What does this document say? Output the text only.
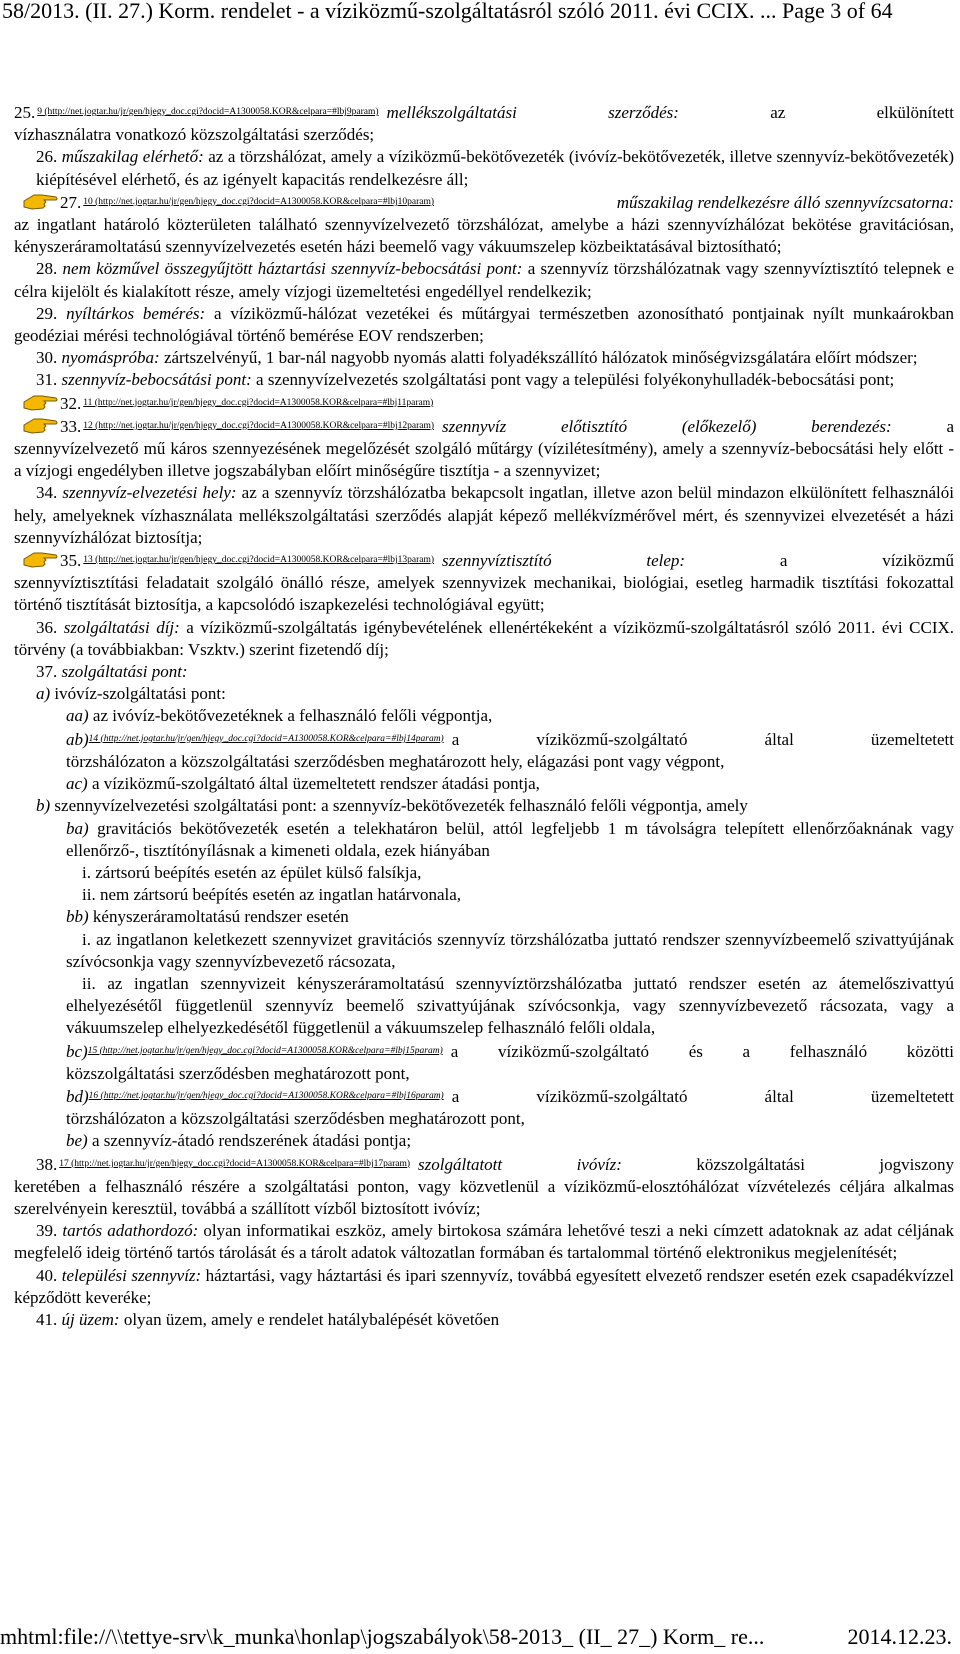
58/2013. (II. 27.) Korm. rendelet - a víziközmű-szolgáltatásról szóló 2011. évi CCIX. ... Page 3 of 64
25. $^{9 (http://net.jogtar.hu/jr/gen/hjegy\_doc.cgi?docid=A1300058.KOR\&celpara=\#lbj9param)}$ mellékszolgáltatási szerződés: az elkülönített

vízhasználatra vonatkozó közszolgáltatási szerződés;

26. műszakilag elérhető: az a törzshálózat, amely a víziközmű-bekötővezeték (ivóvíz-bekötővezeték, illetve szennyvíz-bekötővezeték) kiépítésével elérhető, és az igényelt kapacitás rendelkezésre áll;

27. $^{10 (http://net.jogtar.hu/jr/gen/hjegy\_doc.cgi?docid=A1300058.KOR\&celpara=\#lbj10param)}$	műszakilag rendelkezésre álló szennyvízcsatorna:

az ingatlant határoló közterületen található szennyvízelvezető törzshálózat, amelybe a házi szennyvízhálózat bekötése gravitációsan, kényszeráramoltatású szennyvízelvezetés esetén házi beemelő vagy vákuumszelep közbeiktatásával biztosítható;

28. nem közművel összegyűjtött háztartási szennyvíz-bebocsátási pont: a szennyvíz törzshálózatnak vagy szennyvíztisztító telepnek e célra kijelölt és kialakított része, amely vízjogi üzemeltetési engedéllyel rendelkezik;

29. nyíltárkos bemérés: a víziközmű-hálózat vezetékei és műtárgyai természetben azonosítható pontjainak nyílt munkaárokban geodéziai mérési technológiával történő bemérése EOV rendszerben;

30. nyomáspróba: zártszelvényű, 1 bar-nál nagyobb nyomás alatti folyadékszállító hálózatok minőségvizsgálatára előírt módszer;

31. szennyvíz-bebocsátási pont: a szennyvízelvezetés szolgáltatási pont vagy a települési folyékonyhulladék-bebocsátási pont;

32. $^{11 (http://net.jogtar.hu/jr/gen/hjegy\_doc.cgi?docid=A1300058.KOR\&celpara=\#lbj11param)}$
33. $^{12 (http://net.jogtar.hu/jr/gen/hjegy\_doc.cgi?docid=A1300058.KOR\&celpara=\#lbj12param)}$ szennyvíz előtisztító (előkezelő) berendezés: a

szennyvízelvezető mű káros szennyezésének megelőzését szolgáló műtárgy (vízilétesítmény), amely a szennyvíz-bebocsátási hely előtt - a vízjogi engedélyben illetve jogszabályban előírt minőségűre tisztítja - a szennyvizet;

34. szennyvíz-elvezetési hely: az a szennyvíz törzshálózatba bekapcsolt ingatlan, illetve azon belül mindazon elkülönített felhasználói hely, amelyeknek vízhasználata mellékszolgáltatási szerződés alapját képező mellékvízmérővel mért, és szennyvizei elvezetését a házi szennyvízhálózat biztosítja;

35. $^{13 (http://net.jogtar.hu/jr/gen/hjegy\_doc.cgi?docid=A1300058.KOR\&celpara=\#lbj13param)}$ szennyvíztisztító telep: a víziközmű

szennyvíztisztítási feladatait szolgáló önálló része, amelyek szennyvizek mechanikai, biológiai, esetleg harmadik tisztítási fokozattal történő tisztítását biztosítja, a kapcsolódó iszapkezelési technológiával együtt;

36. szolgáltatási díj: a víziközmű-szolgáltatás igénybevételének ellenértékeként a víziközmű-szolgáltatásról szóló 2011. évi CCIX. törvény (a továbbiakban: Vszktv.) szerint fizetendő díj;

37. szolgáltatási pont:

a) ivóvíz-szolgáltatási pont:

aa) az ivóvíz-bekötővezetéknek a felhasználó felőli végpontja,

ab)$^{14 (http://net.jogtar.hu/jr/gen/hjegy\_doc.cgi?docid=A1300058.KOR\&celpara=\#lbj14param)}$ a víziközmű-szolgáltató által üzemeltetett

törzshálózaton a közszolgáltatási szerződésben meghatározott hely, elágazási pont vagy végpont,

ac) a víziközmű-szolgáltató által üzemeltetett rendszer átadási pontja,

b) szennyvízelvezetési szolgáltatási pont: a szennyvíz-bekötővezeték felhasználó felőli végpontja, amely

ba) gravitációs bekötővezeték esetén a telekhatáron belül, attól legfeljebb 1 m távolságra telepített ellenőrzőaknának vagy ellenőrző-, tisztítónyílásnak a kimeneti oldala, ezek hiányában

i. zártsorú beépítés esetén az épület külső falsíkja,

ii. nem zártsorú beépítés esetén az ingatlan határvonala,

bb) kényszeráramoltatású rendszer esetén

i. az ingatlanon keletkezett szennyvizet gravitációs szennyvíz törzshálózatba juttató rendszer szennyvízbeemelő szivattyújának szívócsonkja vagy szennyvízbevezető rácsozata,

ii. az ingatlan szennyvizeit kényszeráramoltatású szennyvíztörzshálózatba juttató rendszer esetén az átemelőszivattyú elhelyezésétől függetlenül szennyvíz beemelő szivattyújának szívócsonkja, vagy szennyvízbevezető rácsozata, vagy a vákuumszelep elhelyezkedésétől függetlenül a vákuumszelep felhasználó felőli oldala,

bc)$^{15 (http://net.jogtar.hu/jr/gen/hjegy\_doc.cgi?docid=A1300058.KOR\&celpara=\#lbj15param)}$ a víziközmű-szolgáltató és a felhasználó közötti

közszolgáltatási szerződésben meghatározott pont,

bd)$^{16 (http://net.jogtar.hu/jr/gen/hjegy\_doc.cgi?docid=A1300058.KOR\&celpara=\#lbj16param)}$ a víziközmű-szolgáltató által üzemeltetett

törzshálózaton a közszolgáltatási szerződésben meghatározott pont,

be) a szennyvíz-átadó rendszerének átadási pontja;

38. $^{17 (http://net.jogtar.hu/jr/gen/hjegy\_doc.cgi?docid=A1300058.KOR\&celpara=\#lbj17param)}$ szolgáltatott ivóvíz: közszolgáltatási jogviszony

keretében a felhasználó részére a szolgáltatási ponton, vagy közvetlenül a víziközmű-elosztóhálózat vízvételezés céljára alkalmas szerelvényein keresztül, továbbá a szállított vízből biztosított ivóvíz;

39. tartós adathordozó: olyan informatikai eszköz, amely birtokosa számára lehetővé teszi a neki címzett adatoknak az adat céljának megfelelő ideig történő tartós tárolását és a tárolt adatok változatlan formában és tartalommal történő elektronikus megjelenítését;

40. települési szennyvíz: háztartási, vagy háztartási és ipari szennyvíz, továbbá egyesített elvezető rendszer esetén ezek csapadékvízzel képződött keveréke;

41. új üzem: olyan üzem, amely e rendelet hatálybalépését követően

mhtml:file://\\tettye-srv\k_munka\honlap\jogszabályok\58-2013_ (II_ 27_) Korm_ re...	2014.12.23.
